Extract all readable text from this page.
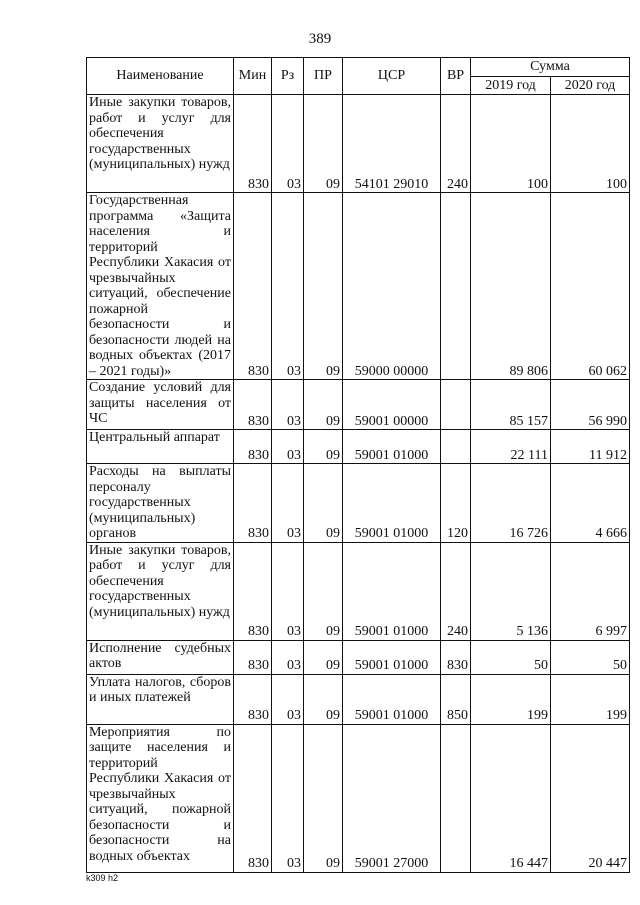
389
Наименование	Мин	Рз	ПР	ЦСР	ВР	Сумма	
						2019 год	2020 год
Иные закупки товаров, работ и услуг для обеспечения государственных (муниципальных) нужд	830	03	09	54101 29010	240	100	100
Государственная программа «Защита населения и территорий Республики Хакасия от чрезвычайных ситуаций, обеспечение пожарной безопасности и безопасности людей на водных объектах (2017 – 2021 годы)»	830	03	09	59000 00000		89 806	60 062
Создание условий для защиты населения от ЧС	830	03	09	59001 00000		85 157	56 990
Центральный аппарат	830	03	09	59001 01000		22 111	11 912
Расходы на выплаты персоналу государственных (муниципальных) органов	830	03	09	59001 01000	120	16 726	4 666
Иные закупки товаров, работ и услуг для обеспечения государственных (муниципальных) нужд	830	03	09	59001 01000	240	5 136	6 997
Исполнение судебных актов	830	03	09	59001 01000	830	50	50
Уплата налогов, сборов и иных платежей	830	03	09	59001 01000	850	199	199
Мероприятия по защите населения и территорий Республики Хакасия от чрезвычайных ситуаций, пожарной безопасности и безопасности на водных объектах	830	03	09	59001 27000		16 447	20 447
k309 h2
